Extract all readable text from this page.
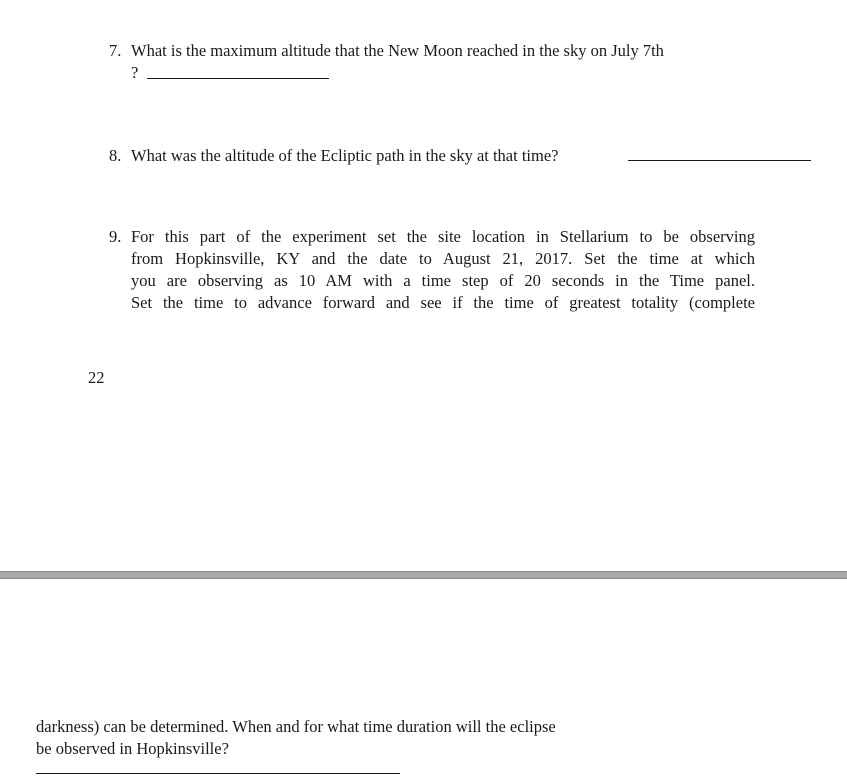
7. What is the maximum altitude that the New Moon reached in the sky on July 7th
?
8. What was the altitude of the Ecliptic path in the sky at that time?
9. For this part of the experiment set the site location in Stellarium to be observing
from Hopkinsville, KY and the date to August 21, 2017. Set the time at which
you are observing as 10 AM with a time step of 20 seconds in the Time panel.
Set the time to advance forward and see if the time of greatest totality (complete
22
darkness) can be determined. When and for what time duration will the eclipse
be observed in Hopkinsville?
